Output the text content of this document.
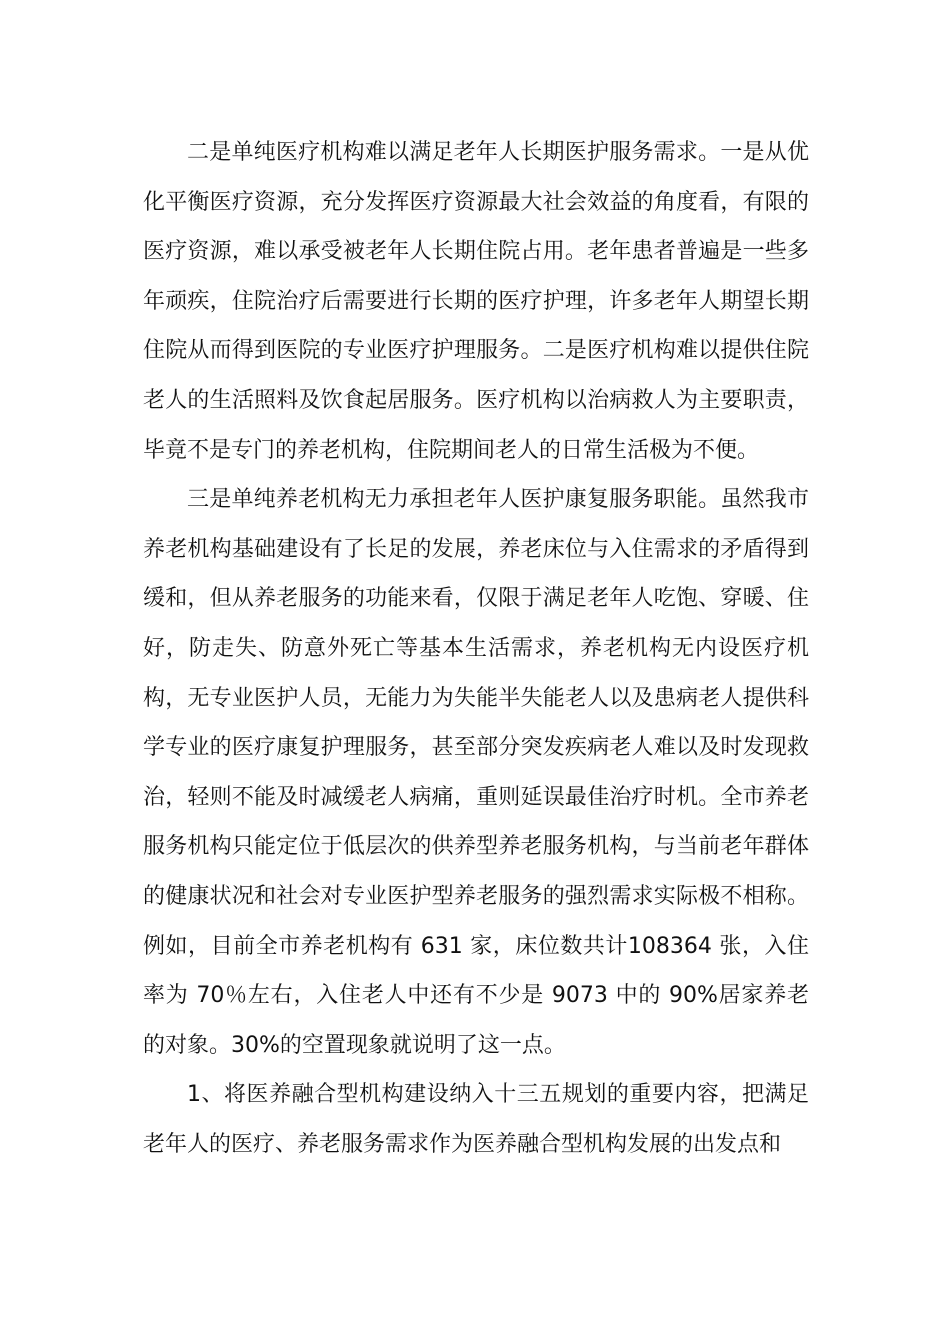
二是单纯医疗机构难以满足老年人长期医护服务需求。一是从优化平衡医疗资源，充分发挥医疗资源最大社会效益的角度看，有限的医疗资源，难以承受被老年人长期住院占用。老年患者普遍是一些多年顽疾，住院治疗后需要进行长期的医疗护理，许多老年人期望长期住院从而得到医院的专业医疗护理服务。二是医疗机构难以提供住院老人的生活照料及饮食起居服务。医疗机构以治病救人为主要职责，毕竟不是专门的养老机构，住院期间老人的日常生活极为不便。

三是单纯养老机构无力承担老年人医护康复服务职能。虽然我市养老机构基础建设有了长足的发展，养老床位与入住需求的矛盾得到缓和，但从养老服务的功能来看，仅限于满足老年人吃饱、穿暖、住好，防走失、防意外死亡等基本生活需求，养老机构无内设医疗机构，无专业医护人员，无能力为失能半失能老人以及患病老人提供科学专业的医疗康复护理服务，甚至部分突发疾病老人难以及时发现救治，轻则不能及时减缓老人病痛，重则延误最佳治疗时机。全市养老服务机构只能定位于低层次的供养型养老服务机构，与当前老年群体的健康状况和社会对专业医护型养老服务的强烈需求实际极不相称。例如，目前全市养老机构有 631 家，床位数共计108364 张，入住率为 70％左右，入住老人中还有不少是 9073 中的 90%居家养老的对象。30%的空置现象就说明了这一点。

1、将医养融合型机构建设纳入十三五规划的重要内容，把满足老年人的医疗、养老服务需求作为医养融合型机构发展的出发点和
